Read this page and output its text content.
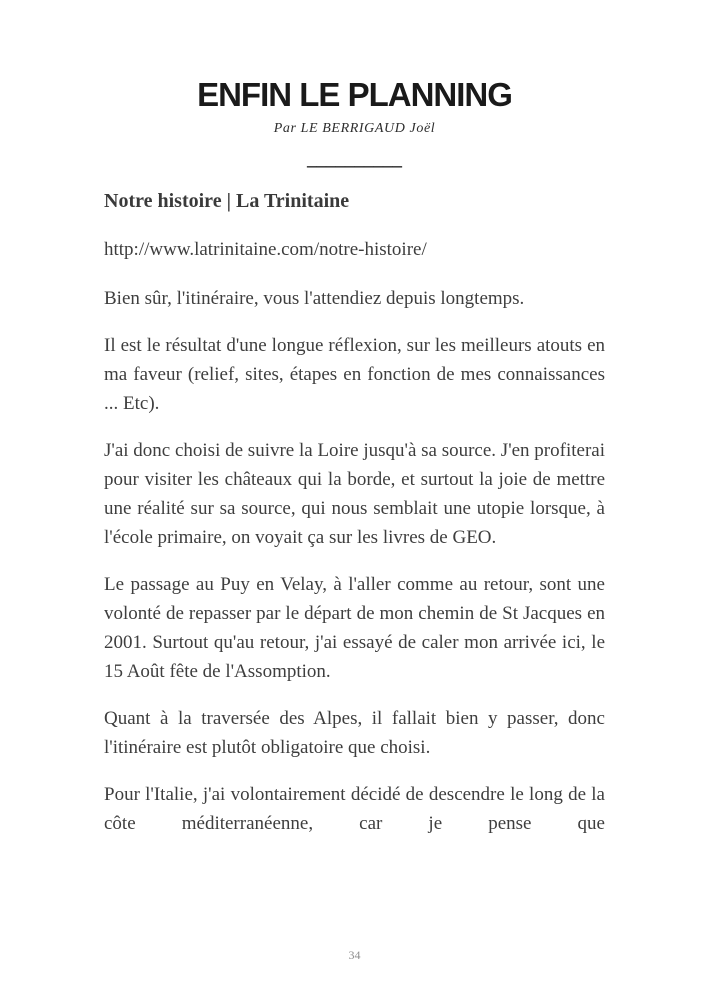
ENFIN LE PLANNING
Par LE BERRIGAUD Joël
__________
Notre histoire | La Trinitaine

http://www.latrinitaine.com/notre-histoire/

Bien sûr, l'itinéraire, vous l'attendiez depuis longtemps.

Il est le résultat d'une longue réflexion, sur les meilleurs atouts en ma faveur (relief, sites, étapes en fonction de mes connaissances ... Etc).

J'ai donc choisi de suivre la Loire jusqu'à sa source. J'en profiterai pour visiter les châteaux qui la borde, et surtout la joie de mettre une réalité sur sa source, qui nous semblait une utopie lorsque, à l'école primaire, on voyait ça sur les livres de GEO.

Le passage au Puy en Velay, à l'aller comme au retour, sont une volonté de repasser par le départ de mon chemin de St Jacques en 2001. Surtout qu'au retour, j'ai essayé de caler mon arrivée ici, le 15 Août fête de l'Assomption.

Quant à la traversée des Alpes, il fallait bien y passer, donc l'itinéraire est plutôt obligatoire que choisi.

Pour l'Italie, j'ai volontairement décidé de descendre le long de la côte méditerranéenne, car je pense que

34
